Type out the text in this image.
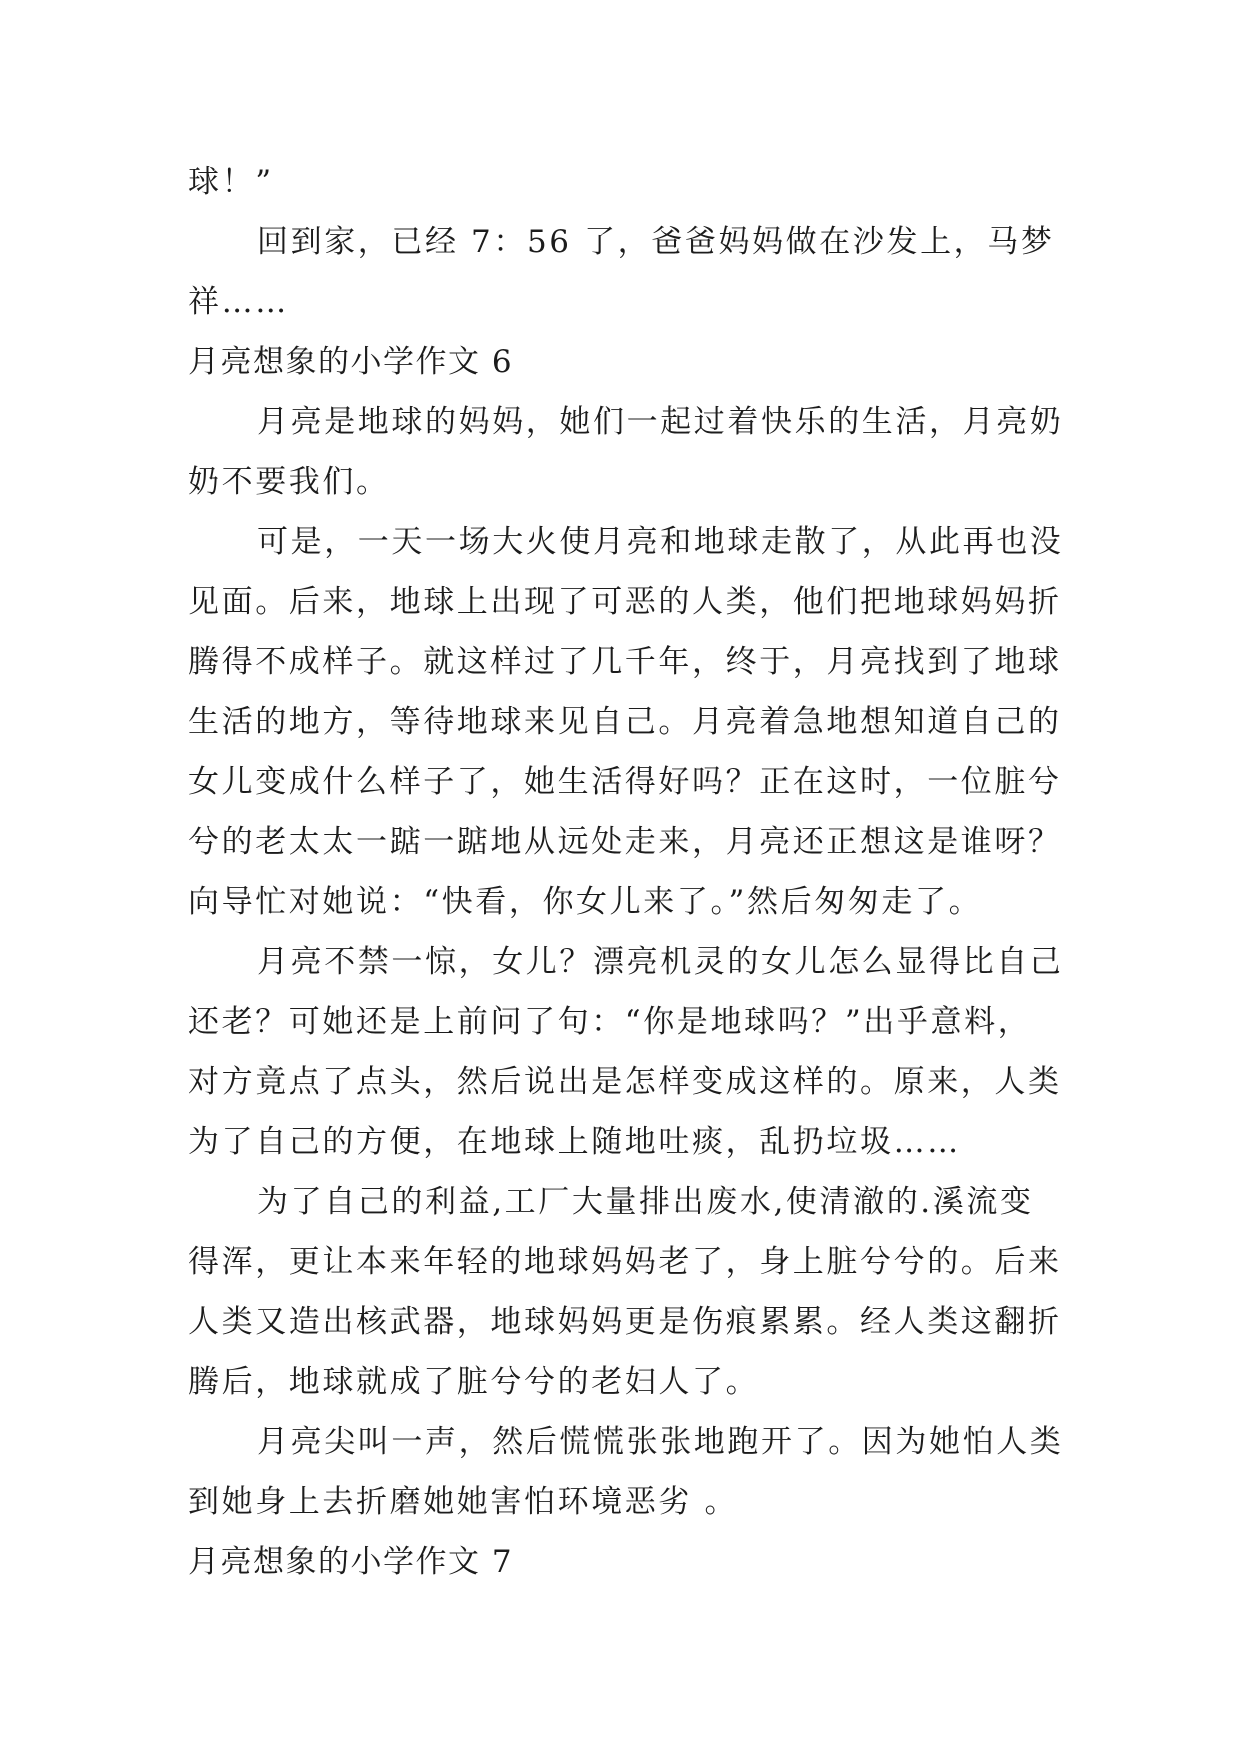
球！”
回到家，已经 7：56 了，爸爸妈妈做在沙发上，马梦
祥……
月亮想象的小学作文 6
月亮是地球的妈妈，她们一起过着快乐的生活，月亮奶
奶不要我们。
可是，一天一场大火使月亮和地球走散了，从此再也没
见面。后来，地球上出现了可恶的人类，他们把地球妈妈折
腾得不成样子。就这样过了几千年，终于，月亮找到了地球
生活的地方，等待地球来见自己。月亮着急地想知道自己的
女儿变成什么样子了，她生活得好吗？正在这时，一位脏兮
兮的老太太一踮一踮地从远处走来，月亮还正想这是谁呀？
向导忙对她说：“快看，你女儿来了。”然后匆匆走了。
月亮不禁一惊，女儿？漂亮机灵的女儿怎么显得比自己
还老？可她还是上前问了句：“你是地球吗？”出乎意料，
对方竟点了点头，然后说出是怎样变成这样的。原来，人类
为了自己的方便，在地球上随地吐痰，乱扔垃圾……
为了自己的利益,工厂大量排出废水,使清澈的.溪流变
得浑，更让本来年轻的地球妈妈老了，身上脏兮兮的。后来
人类又造出核武器，地球妈妈更是伤痕累累。经人类这翻折
腾后，地球就成了脏兮兮的老妇人了。
月亮尖叫一声，然后慌慌张张地跑开了。因为她怕人类
到她身上去折磨她她害怕环境恶劣 。
月亮想象的小学作文 7
